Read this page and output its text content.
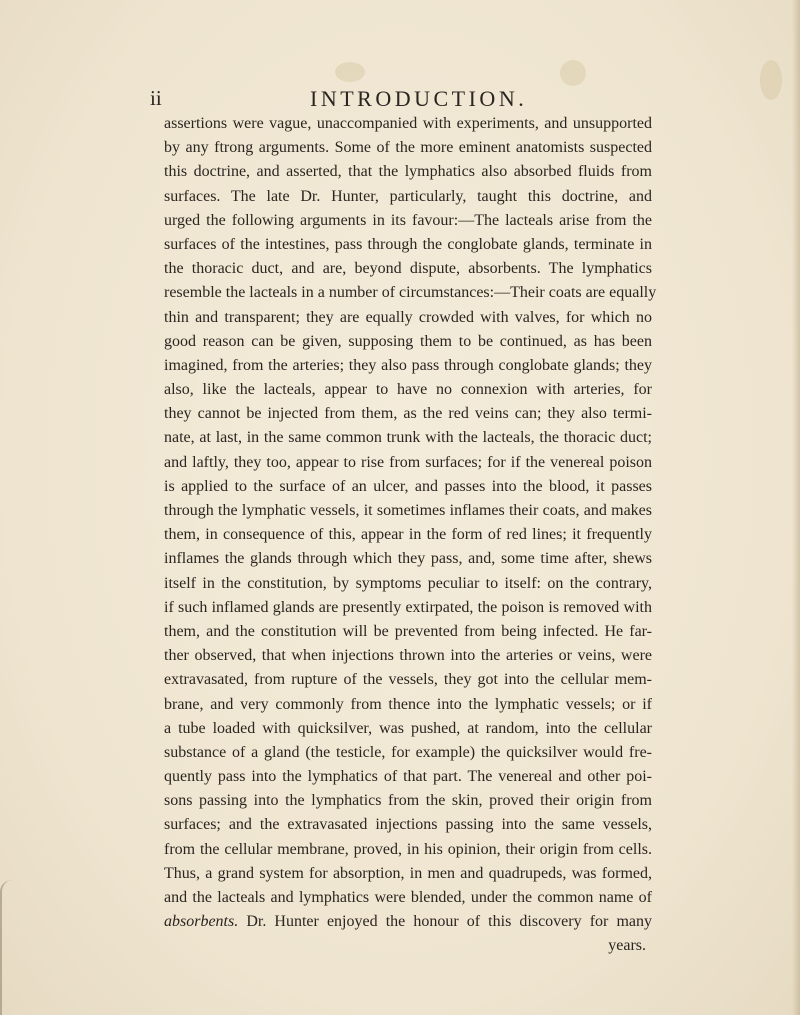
ii	INTRODUCTION.
assertions were vague, unaccompanied with experiments, and unsupported
by any ftrong arguments. Some of the more eminent anatomists suspected
this doctrine, and asserted, that the lymphatics also absorbed fluids from
surfaces. The late Dr. Hunter, particularly, taught this doctrine, and
urged the following arguments in its favour:—The lacteals arise from the
surfaces of the intestines, pass through the conglobate glands, terminate in
the thoracic duct, and are, beyond dispute, absorbents. The lymphatics
resemble the lacteals in a number of circumstances:—Their coats are equally
thin and transparent; they are equally crowded with valves, for which no
good reason can be given, supposing them to be continued, as has been
imagined, from the arteries; they also pass through conglobate glands; they
also, like the lacteals, appear to have no connexion with arteries, for
they cannot be injected from them, as the red veins can; they also termi-
nate, at last, in the same common trunk with the lacteals, the thoracic duct;
and laftly, they too, appear to rise from surfaces; for if the venereal poison
is applied to the surface of an ulcer, and passes into the blood, it passes
through the lymphatic vessels, it sometimes inflames their coats, and makes
them, in consequence of this, appear in the form of red lines; it frequently
inflames the glands through which they pass, and, some time after, shews
itself in the constitution, by symptoms peculiar to itself: on the contrary,
if such inflamed glands are presently extirpated, the poison is removed with
them, and the constitution will be prevented from being infected. He far-
ther observed, that when injections thrown into the arteries or veins, were
extravasated, from rupture of the vessels, they got into the cellular mem-
brane, and very commonly from thence into the lymphatic vessels; or if
a tube loaded with quicksilver, was pushed, at random, into the cellular
substance of a gland (the testicle, for example) the quicksilver would fre-
quently pass into the lymphatics of that part. The venereal and other poi-
sons passing into the lymphatics from the skin, proved their origin from
surfaces; and the extravasated injections passing into the same vessels,
from the cellular membrane, proved, in his opinion, their origin from cells.
Thus, a grand system for absorption, in men and quadrupeds, was formed,
and the lacteals and lymphatics were blended, under the common name of
absorbents. Dr. Hunter enjoyed the honour of this discovery for many
years.
